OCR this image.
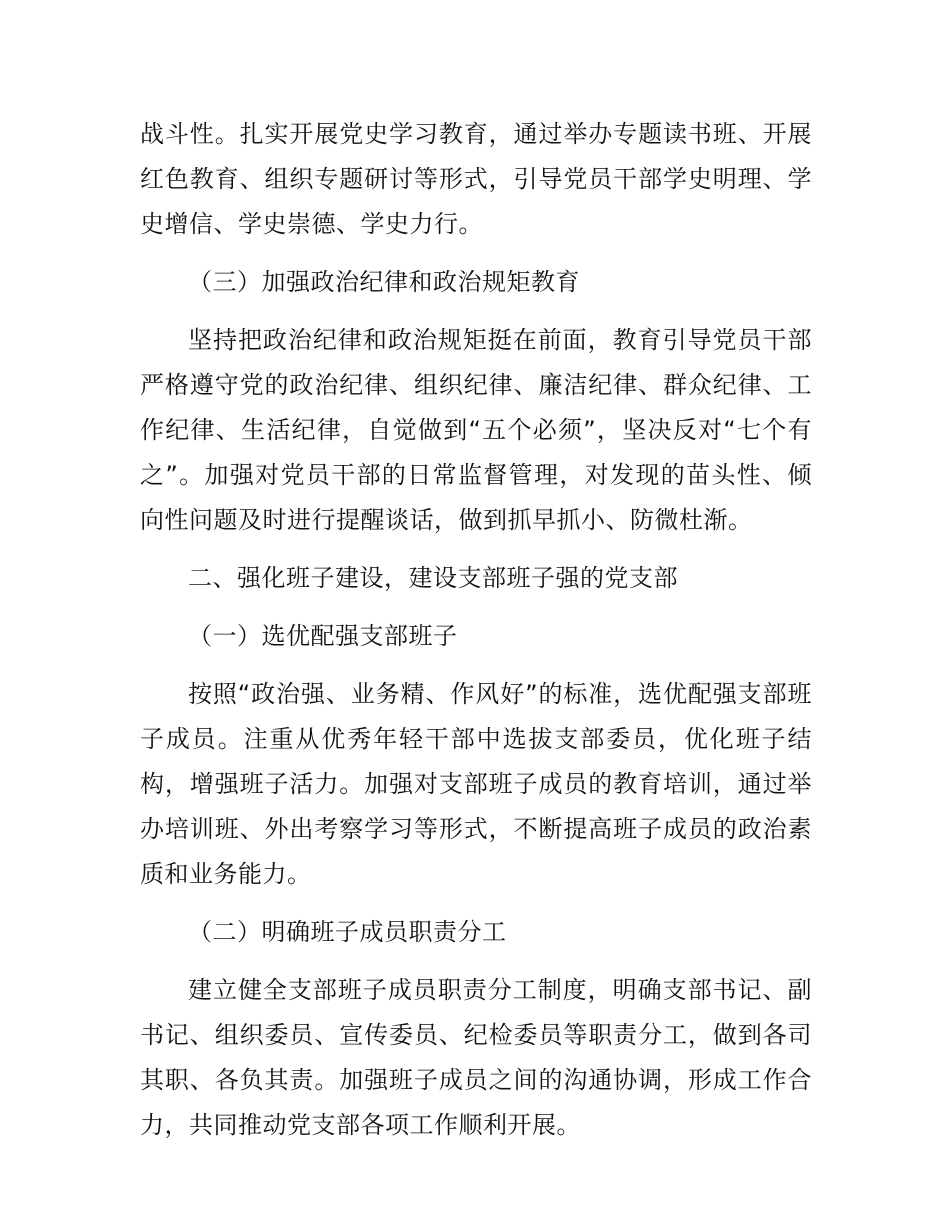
战斗性。扎实开展党史学习教育，通过举办专题读书班、开展红色教育、组织专题研讨等形式，引导党员干部学史明理、学史增信、学史崇德、学史力行。

（三）加强政治纪律和政治规矩教育

坚持把政治纪律和政治规矩挺在前面，教育引导党员干部严格遵守党的政治纪律、组织纪律、廉洁纪律、群众纪律、工作纪律、生活纪律，自觉做到“五个必须”，坚决反对“七个有之”。加强对党员干部的日常监督管理，对发现的苗头性、倾向性问题及时进行提醒谈话，做到抓早抓小、防微杜渐。

二、强化班子建设，建设支部班子强的党支部

（一）选优配强支部班子

按照“政治强、业务精、作风好”的标准，选优配强支部班子成员。注重从优秀年轻干部中选拔支部委员，优化班子结构，增强班子活力。加强对支部班子成员的教育培训，通过举办培训班、外出考察学习等形式，不断提高班子成员的政治素质和业务能力。

（二）明确班子成员职责分工

建立健全支部班子成员职责分工制度，明确支部书记、副书记、组织委员、宣传委员、纪检委员等职责分工，做到各司其职、各负其责。加强班子成员之间的沟通协调，形成工作合力，共同推动党支部各项工作顺利开展。
